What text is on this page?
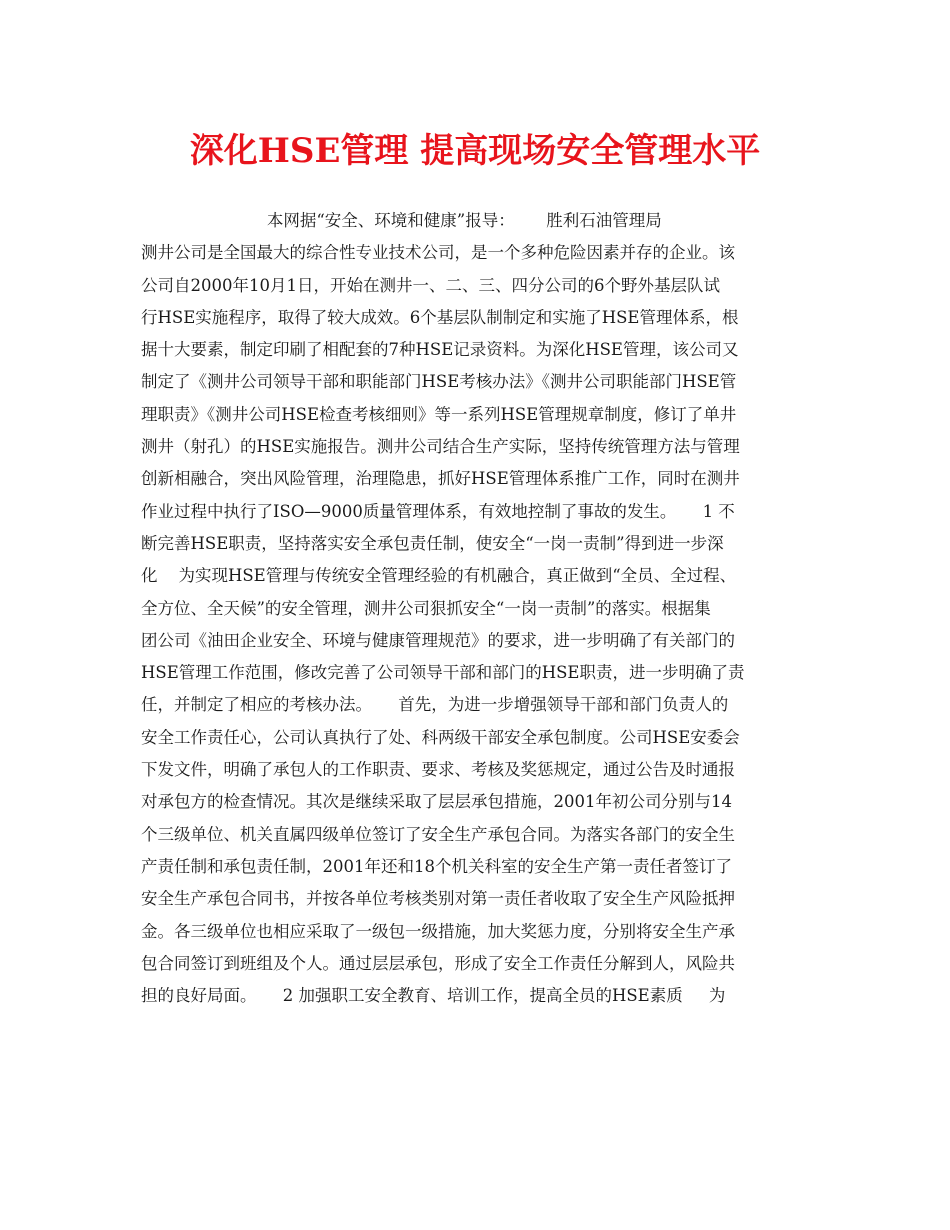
深化HSE管理 提高现场安全管理水平
本网据“安全、环境和健康”报导：      胜利石油管理局
测井公司是全国最大的综合性专业技术公司，是一个多种危险因素并存的企业。该
公司自2000年10月1日，开始在测井一、二、三、四分公司的6个野外基层队试
行HSE实施程序，取得了较大成效。6个基层队制制定和实施了HSE管理体系，根
据十大要素，制定印刷了相配套的7种HSE记录资料。为深化HSE管理，该公司又
制定了《测井公司领导干部和职能部门HSE考核办法》《测井公司职能部门HSE管
理职责》《测井公司HSE检查考核细则》等一系列HSE管理规章制度，修订了单井
测井（射孔）的HSE实施报告。测井公司结合生产实际，坚持传统管理方法与管理
创新相融合，突出风险管理，治理隐患，抓好HSE管理体系推广工作，同时在测井
作业过程中执行了ISO—9000质量管理体系，有效地控制了事故的发生。     1 不
断完善HSE职责，坚持落实安全承包责任制，使安全“一岗一责制”得到进一步深
化    为实现HSE管理与传统安全管理经验的有机融合，真正做到“全员、全过程、
全方位、全天候”的安全管理，测井公司狠抓安全“一岗一责制”的落实。根据集
团公司《油田企业安全、环境与健康管理规范》的要求，进一步明确了有关部门的
HSE管理工作范围，修改完善了公司领导干部和部门的HSE职责，进一步明确了责
任，并制定了相应的考核办法。     首先，为进一步增强领导干部和部门负责人的
安全工作责任心，公司认真执行了处、科两级干部安全承包制度。公司HSE安委会
下发文件，明确了承包人的工作职责、要求、考核及奖惩规定，通过公告及时通报
对承包方的检查情况。其次是继续采取了层层承包措施，2001年初公司分别与14
个三级单位、机关直属四级单位签订了安全生产承包合同。为落实各部门的安全生
产责任制和承包责任制，2001年还和18个机关科室的安全生产第一责任者签订了
安全生产承包合同书，并按各单位考核类别对第一责任者收取了安全生产风险抵押
金。各三级单位也相应采取了一级包一级措施，加大奖惩力度，分别将安全生产承
包合同签订到班组及个人。通过层层承包，形成了安全工作责任分解到人，风险共
担的良好局面。     2 加强职工安全教育、培训工作，提高全员的HSE素质     为
